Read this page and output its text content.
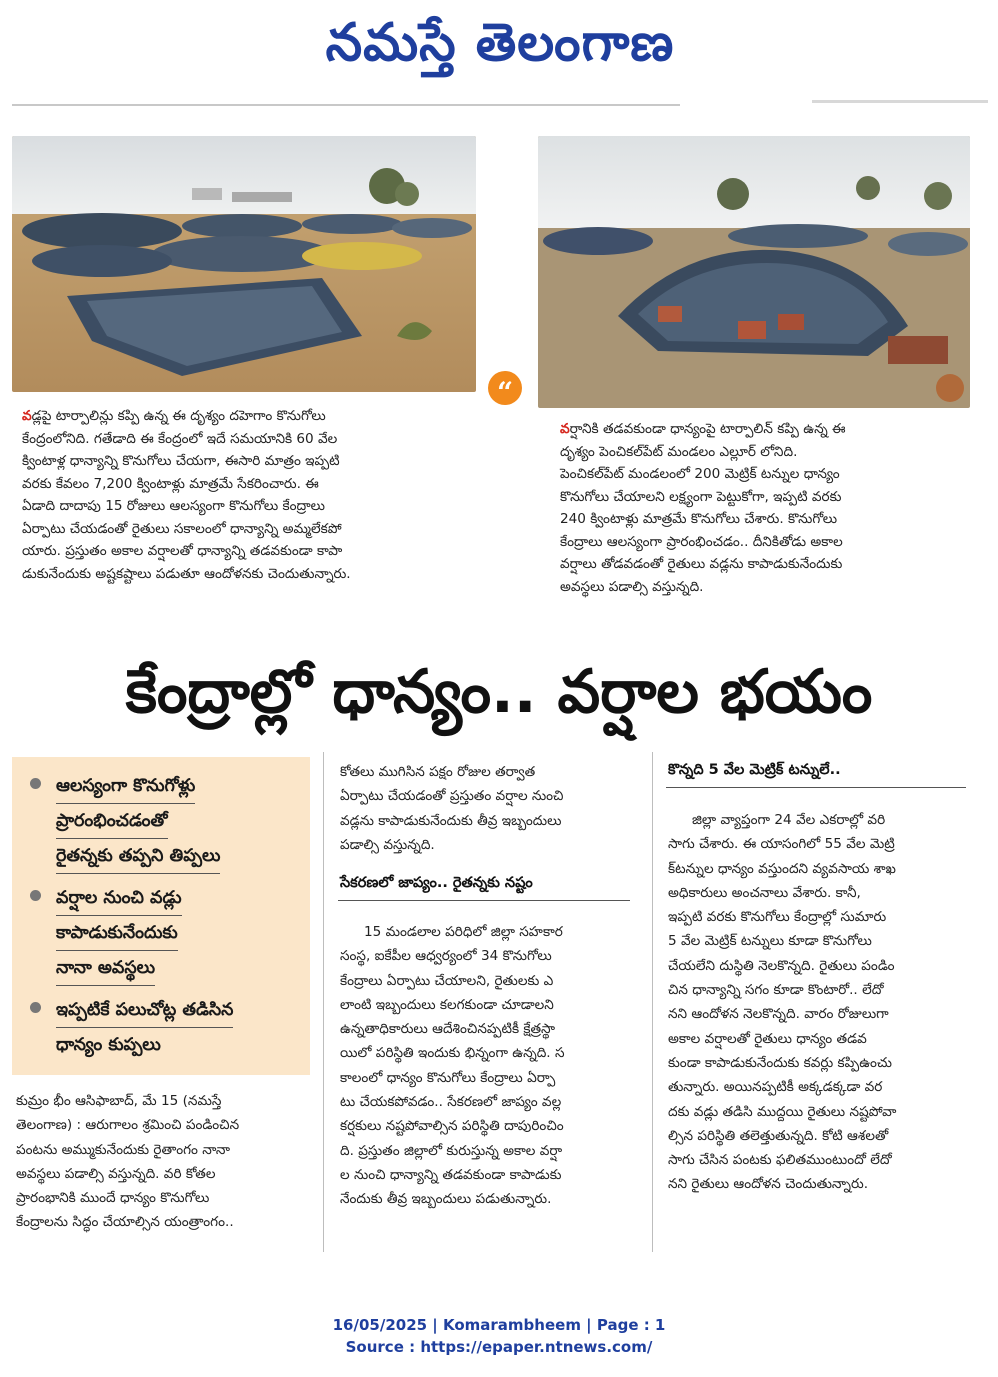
నమస్తే తెలంగాణ
వడ్లపై టార్పాలిన్లు కప్పి ఉన్న ఈ దృశ్యం దహెగాం కొనుగోలు
కేంద్రంలోనిది. గతేడాది ఈ కేంద్రంలో ఇదే సమయానికి 60 వేల
క్వింటాళ్ల ధాన్యాన్ని కొనుగోలు చేయగా, ఈసారి మాత్రం ఇప్పటి
వరకు కేవలం 7,200 క్వింటాళ్లు మాత్రమే సేకరించారు. ఈ
ఏడాది దాదాపు 15 రోజులు ఆలస్యంగా కొనుగోలు కేంద్రాలు
ఏర్పాటు చేయడంతో రైతులు సకాలంలో ధాన్యాన్ని అమ్మలేకపో
యారు. ప్రస్తుతం అకాల వర్షాలతో ధాన్యాన్ని తడవకుండా కాపా
డుకునేందుకు అష్టకష్టాలు పడుతూ ఆందోళనకు చెందుతున్నారు.
“
వర్షానికి తడవకుండా ధాన్యంపై టార్పాలిన్ కప్పి ఉన్న ఈ
దృశ్యం పెంచికల్‌పేట్ మండలం ఎల్లూర్ లోనిది.
పెంచికల్‌పేట్ మండలంలో 200 మెట్రిక్ టన్నుల ధాన్యం
కొనుగోలు చేయాలని లక్ష్యంగా పెట్టుకోగా, ఇప్పటి వరకు
240 క్వింటాళ్లు మాత్రమే కొనుగోలు చేశారు. కొనుగోలు
కేంద్రాలు ఆలస్యంగా ప్రారంభించడం.. దీనికితోడు అకాల
వర్షాలు తోడవడంతో రైతులు వడ్లను కాపాడుకునేందుకు
అవస్థలు పడాల్సి వస్తున్నది.
కేంద్రాల్లో ధాన్యం.. వర్షాల భయం
ఆలస్యంగా కొనుగోళ్లు
ప్రారంభించడంతో
రైతన్నకు తప్పని తిప్పలు
వర్షాల నుంచి వడ్లు
కాపాడుకునేందుకు
నానా అవస్థలు
ఇప్పటికే పలుచోట్ల తడిసిన
ధాన్యం కుప్పలు
కుమ్రం భీం ఆసిఫాబాద్, మే 15 (నమస్తే
తెలంగాణ) : ఆరుగాలం శ్రమించి పండించిన
పంటను అమ్ముకునేందుకు రైతాంగం నానా
అవస్థలు పడాల్సి వస్తున్నది. వరి కోతల
ప్రారంభానికి ముందే ధాన్యం కొనుగోలు
కేంద్రాలను సిద్ధం చేయాల్సిన యంత్రాంగం..
కోతలు ముగిసిన పక్షం రోజుల తర్వాత
ఏర్పాటు చేయడంతో ప్రస్తుతం వర్షాల నుంచి
వడ్లను కాపాడుకునేందుకు తీవ్ర ఇబ్బందులు
పడాల్సి వస్తున్నది.
సేకరణలో జాప్యం.. రైతన్నకు నష్టం
15 మండలాల పరిధిలో జిల్లా సహకార
సంస్థ, ఐకేపీల ఆధ్వర్యంలో 34 కొనుగోలు
కేంద్రాలు ఏర్పాటు చేయాలని, రైతులకు ఎ
లాంటి ఇబ్బందులు కలగకుండా చూడాలని
ఉన్నతాధికారులు ఆదేశించినప్పటికీ క్షేత్రస్థా
యిలో పరిస్థితి ఇందుకు భిన్నంగా ఉన్నది. స
కాలంలో ధాన్యం కొనుగోలు కేంద్రాలు ఏర్పా
టు చేయకపోవడం.. సేకరణలో జాప్యం వల్ల
కర్షకులు నష్టపోవాల్సిన పరిస్థితి దాపురించిం
ది. ప్రస్తుతం జిల్లాలో కురుస్తున్న అకాల వర్షా
ల నుంచి ధాన్యాన్ని తడవకుండా కాపాడుకు
నేందుకు తీవ్ర ఇబ్బందులు పడుతున్నారు.
కొన్నది 5 వేల మెట్రిక్ టన్నులే..
జిల్లా వ్యాప్తంగా 24 వేల ఎకరాల్లో వరి
సాగు చేశారు. ఈ యాసంగిలో 55 వేల మెట్రి
క్‌టన్నుల ధాన్యం వస్తుందని వ్యవసాయ శాఖ
అధికారులు అంచనాలు వేశారు. కానీ,
ఇప్పటి వరకు కొనుగోలు కేంద్రాల్లో సుమారు
5 వేల మెట్రిక్ టన్నులు కూడా కొనుగోలు
చేయలేని దుస్థితి నెలకొన్నది. రైతులు పండిం
చిన ధాన్యాన్ని సగం కూడా కొంటారో.. లేదో
నని ఆందోళన నెలకొన్నది. వారం రోజులుగా
అకాల వర్షాలతో రైతులు ధాన్యం తడవ
కుండా కాపాడుకునేందుకు కవర్లు కప్పిఉంచు
తున్నారు. అయినప్పటికీ అక్కడక్కడా వర
దకు వడ్లు తడిసి ముద్దయి రైతులు నష్టపోవా
ల్సిన పరిస్థితి తలెత్తుతున్నది. కోటి ఆశలతో
సాగు చేసిన పంటకు ఫలితముంటుందో లేదో
నని రైతులు ఆందోళన చెందుతున్నారు.
16/05/2025 | Komarambheem | Page : 1
Source : https://epaper.ntnews.com/
